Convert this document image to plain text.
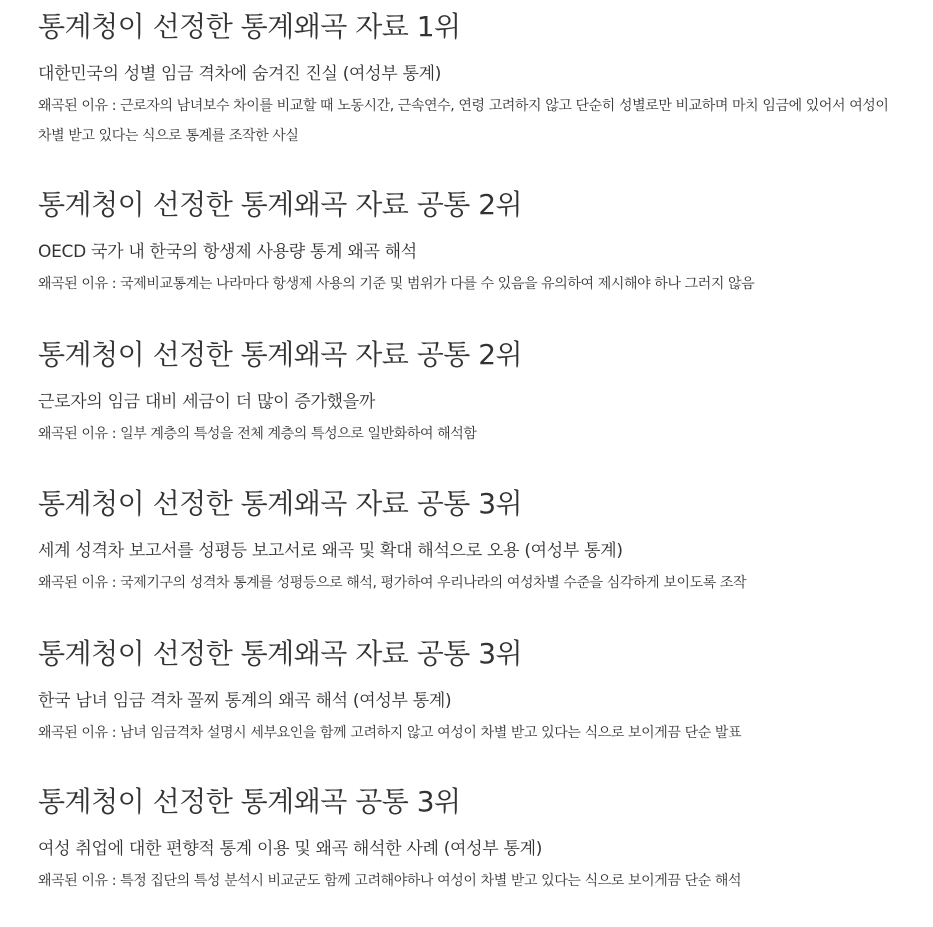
통계청이 선정한 통계왜곡 자료 1위
대한민국의 성별 임금 격차에 숨겨진 진실 (여성부 통계)
왜곡된 이유 : 근로자의 남녀보수 차이를 비교할 때 노동시간, 근속연수, 연령 고려하지 않고 단순히 성별로만 비교하며 마치 임금에 있어서 여성이 차별 받고 있다는 식으로 통계를 조작한 사실
통계청이 선정한 통계왜곡 자료 공통 2위
OECD 국가 내 한국의 항생제 사용량 통계 왜곡 해석
왜곡된 이유 : 국제비교통계는 나라마다 항생제 사용의 기준 및 범위가 다를 수 있음을 유의하여 제시해야 하나 그러지 않음
통계청이 선정한 통계왜곡 자료 공통 2위
근로자의 임금 대비 세금이 더 많이 증가했을까
왜곡된 이유 : 일부 계층의 특성을 전체 계층의 특성으로 일반화하여 해석함
통계청이 선정한 통계왜곡 자료 공통 3위
세계 성격차 보고서를 성평등 보고서로 왜곡 및 확대 해석으로 오용 (여성부 통계)
왜곡된 이유 : 국제기구의 성격차 통계를 성평등으로 해석, 평가하여 우리나라의 여성차별 수준을 심각하게 보이도록 조작
통계청이 선정한 통계왜곡 자료 공통 3위
한국 남녀 임금 격차 꼴찌 통계의 왜곡 해석 (여성부 통계)
왜곡된 이유 : 남녀 임금격차 설명시 세부요인을 함께 고려하지 않고 여성이 차별 받고 있다는 식으로 보이게끔 단순 발표
통계청이 선정한 통계왜곡 공통 3위
여성 취업에 대한 편향적 통계 이용 및 왜곡 해석한 사례 (여성부 통계)
왜곡된 이유 : 특정 집단의 특성 분석시 비교군도 함께 고려해야하나 여성이 차별 받고 있다는 식으로 보이게끔 단순 해석
